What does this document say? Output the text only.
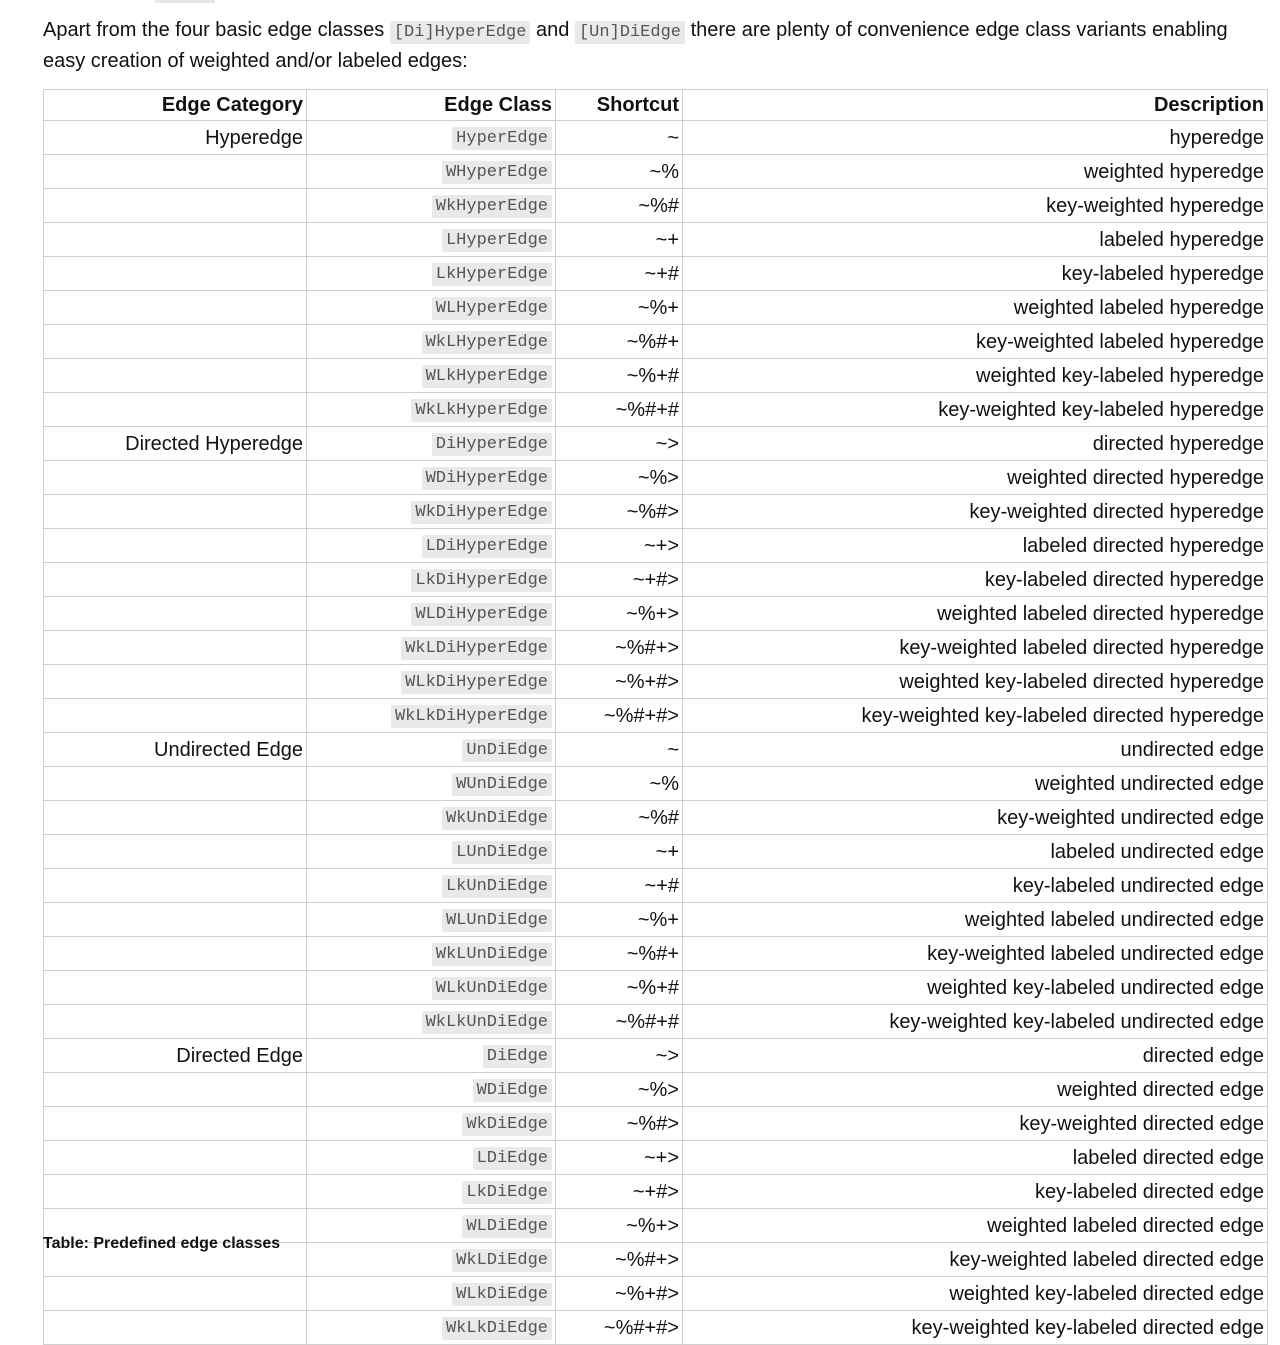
Apart from the four basic edge classes [Di]HyperEdge and [Un]DiEdge there are plenty of convenience edge class variants enabling easy creation of weighted and/or labeled edges:

Edge Category	Edge Class	Shortcut	Description
Hyperedge	HyperEdge	~	hyperedge
	WHyperEdge	~%	weighted hyperedge
	WkHyperEdge	~%#	key-weighted hyperedge
	LHyperEdge	~+	labeled hyperedge
	LkHyperEdge	~+#	key-labeled hyperedge
	WLHyperEdge	~%+	weighted labeled hyperedge
	WkLHyperEdge	~%#+	key-weighted labeled hyperedge
	WLkHyperEdge	~%+#	weighted key-labeled hyperedge
	WkLkHyperEdge	~%#+#	key-weighted key-labeled hyperedge
Directed Hyperedge	DiHyperEdge	~>	directed hyperedge
	WDiHyperEdge	~%>	weighted directed hyperedge
	WkDiHyperEdge	~%#>	key-weighted directed hyperedge
	LDiHyperEdge	~+>	labeled directed hyperedge
	LkDiHyperEdge	~+#>	key-labeled directed hyperedge
	WLDiHyperEdge	~%+>	weighted labeled directed hyperedge
	WkLDiHyperEdge	~%#+>	key-weighted labeled directed hyperedge
	WLkDiHyperEdge	~%+#>	weighted key-labeled directed hyperedge
	WkLkDiHyperEdge	~%#+#>	key-weighted key-labeled directed hyperedge
Undirected Edge	UnDiEdge	~	undirected edge
	WUnDiEdge	~%	weighted undirected edge
	WkUnDiEdge	~%#	key-weighted undirected edge
	LUnDiEdge	~+	labeled undirected edge
	LkUnDiEdge	~+#	key-labeled undirected edge
	WLUnDiEdge	~%+	weighted labeled undirected edge
	WkLUnDiEdge	~%#+	key-weighted labeled undirected edge
	WLkUnDiEdge	~%+#	weighted key-labeled undirected edge
	WkLkUnDiEdge	~%#+#	key-weighted key-labeled undirected edge
Directed Edge	DiEdge	~>	directed edge
	WDiEdge	~%>	weighted directed edge
	WkDiEdge	~%#>	key-weighted directed edge
	LDiEdge	~+>	labeled directed edge
	LkDiEdge	~+#>	key-labeled directed edge
	WLDiEdge	~%+>	weighted labeled directed edge
	WkLDiEdge	~%#+>	key-weighted labeled directed edge
	WLkDiEdge	~%+#>	weighted key-labeled directed edge
	WkLkDiEdge	~%#+#>	key-weighted key-labeled directed edge

Table: Predefined edge classes
